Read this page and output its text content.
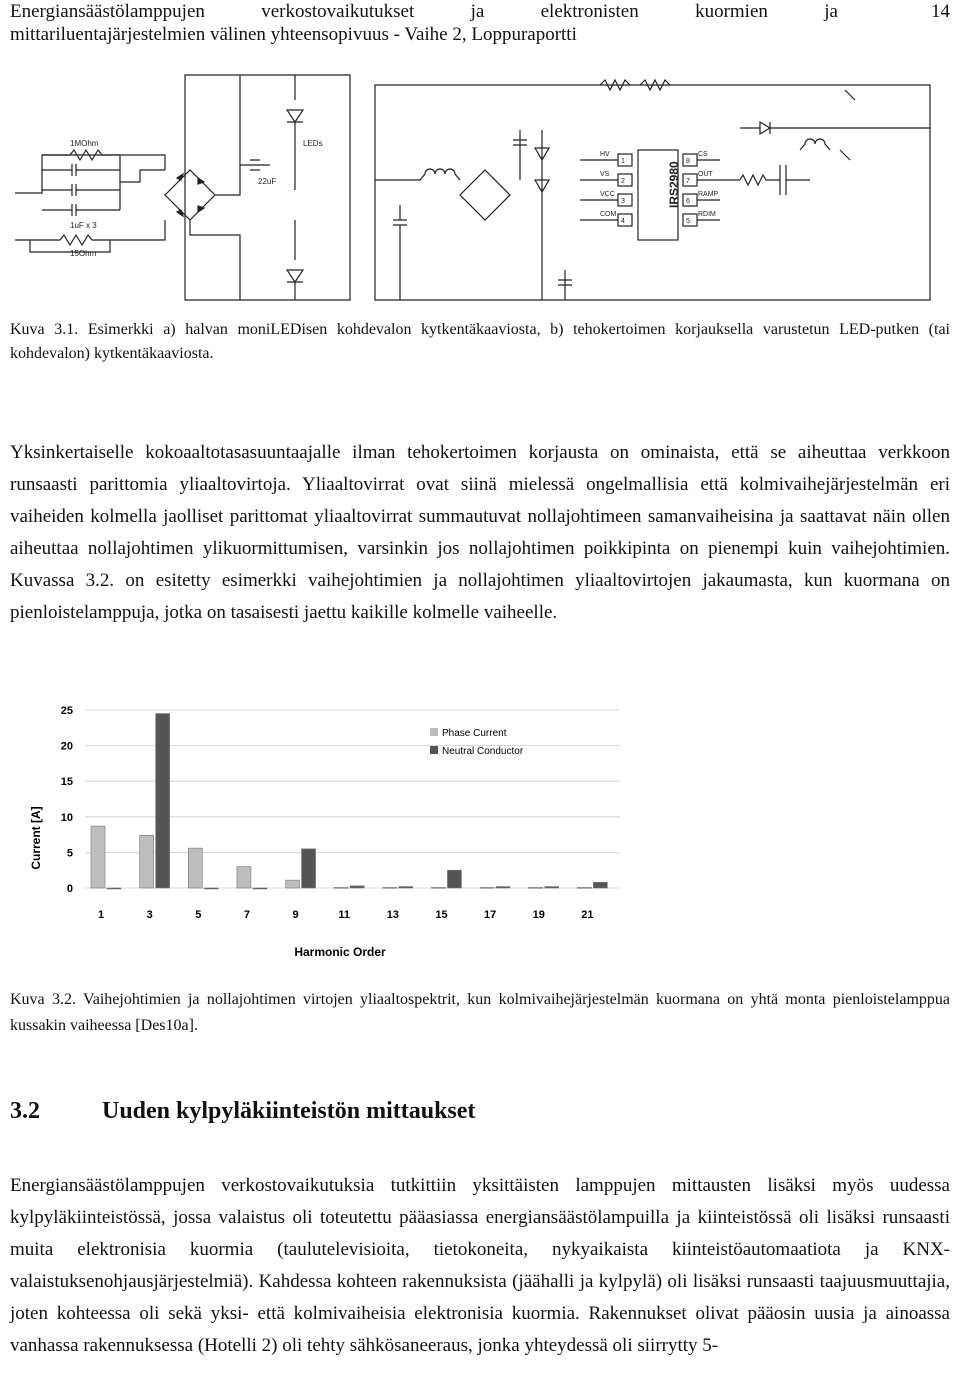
Energiansäästölamppujen	verkostovaikutukset	ja	elektronisten	kuormien	ja
mittariluentajärjestelmien välinen yhteensopivuus - Vaihe 2, Loppuraportti
14
1MOhm	LEDs
22uF
1uF x 3
15Ohm
IRS2980
HV
VS
VCC
COM
CS
OUT
RAMP
RDIM
1
2
3
4
8
7
6
5
Kuva 3.1. Esimerkki a) halvan moniLEDisen kohdevalon kytkentäkaaviosta, b) tehokertoimen korjauksella varustetun LED-putken (tai kohdevalon) kytkentäkaaviosta.
Yksinkertaiselle kokoaaltotasasuuntaajalle ilman tehokertoimen korjausta on ominaista, että se aiheuttaa verkkoon runsaasti parittomia yliaaltovirtoja. Yliaaltovirrat ovat siinä mielessä ongelmallisia että kolmivaihejärjestelmän eri vaiheiden kolmella jaolliset parittomat yliaaltovirrat summautuvat nollajohtimeen samanvaiheisina ja saattavat näin ollen aiheuttaa nollajohtimen ylikuormittumisen, varsinkin jos nollajohtimen poikkipinta on pienempi kuin vaihejohtimien. Kuvassa 3.2. on esitetty esimerkki vaihejohtimien ja nollajohtimen yliaaltovirtojen jakaumasta, kun kuormana on pienloistelamppuja, jotka on tasaisesti jaettu kaikille kolmelle vaiheelle.
0
5
10
15
20
25
1	3	5	7	9	11	13	15	17	19	21
Current [A]
Harmonic Order
Phase Current
Neutral Conductor
Kuva 3.2. Vaihejohtimien ja nollajohtimen virtojen yliaaltospektrit, kun kolmivaihejärjestelmän kuormana on yhtä monta pienloistelamppua kussakin vaiheessa [Des10a].
3.2	Uuden kylpyläkiinteistön mittaukset
Energiansäästölamppujen verkostovaikutuksia tutkittiin yksittäisten lamppujen mittausten lisäksi myös uudessa kylpyläkiinteistössä, jossa valaistus oli toteutettu pääasiassa energiansäästölampuilla ja kiinteistössä oli lisäksi runsaasti muita elektronisia kuormia (taulutelevisioita, tietokoneita, nykyaikaista kiinteistöautomaatiota ja KNX-valaistuksenohjausjärjestelmiä). Kahdessa kohteen rakennuksista (jäähalli ja kylpylä) oli lisäksi runsaasti taajuusmuuttajia, joten kohteessa oli sekä yksi- että kolmivaiheisia elektronisia kuormia. Rakennukset olivat pääosin uusia ja ainoassa vanhassa rakennuksessa (Hotelli 2) oli tehty sähkösaneeraus, jonka yhteydessä oli siirrytty 5-
